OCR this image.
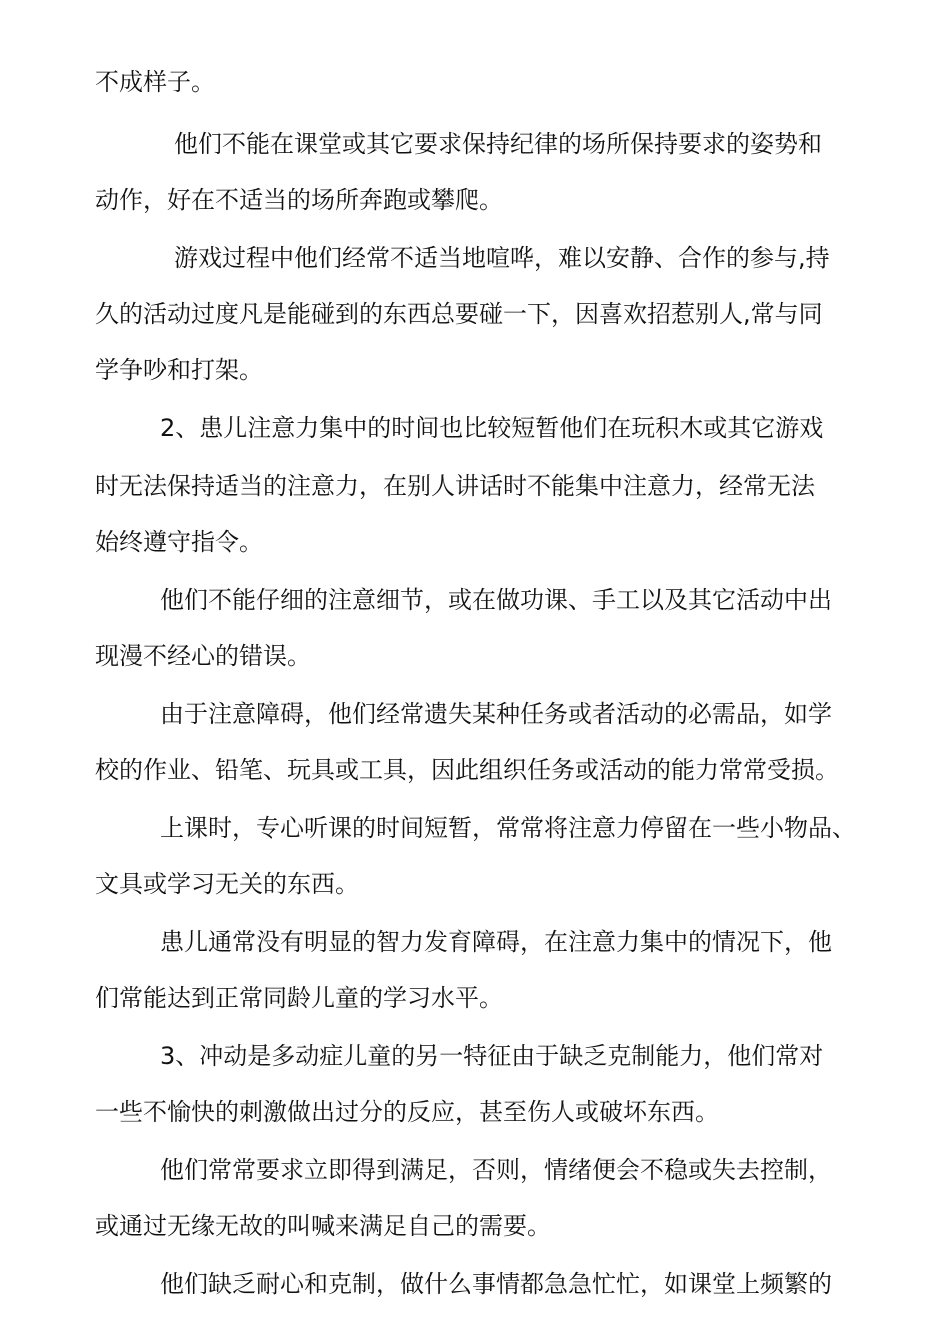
不成样子。
他们不能在课堂或其它要求保持纪律的场所保持要求的姿势和
动作，好在不适当的场所奔跑或攀爬。
游戏过程中他们经常不适当地喧哗，难以安静、合作的参与,持
久的活动过度凡是能碰到的东西总要碰一下，因喜欢招惹别人,常与同
学争吵和打架。
2、患儿注意力集中的时间也比较短暂他们在玩积木或其它游戏
时无法保持适当的注意力，在别人讲话时不能集中注意力，经常无法
始终遵守指令。
他们不能仔细的注意细节，或在做功课、手工以及其它活动中出
现漫不经心的错误。
由于注意障碍，他们经常遗失某种任务或者活动的必需品，如学
校的作业、铅笔、玩具或工具，因此组织任务或活动的能力常常受损。
上课时，专心听课的时间短暂，常常将注意力停留在一些小物品、
文具或学习无关的东西。
患儿通常没有明显的智力发育障碍，在注意力集中的情况下，他
们常能达到正常同龄儿童的学习水平。
3、冲动是多动症儿童的另一特征由于缺乏克制能力，他们常对
一些不愉快的刺激做出过分的反应，甚至伤人或破坏东西。
他们常常要求立即得到满足，否则，情绪便会不稳或失去控制，
或通过无缘无故的叫喊来满足自己的需要。
他们缺乏耐心和克制，做什么事情都急急忙忙，如课堂上频繁的
